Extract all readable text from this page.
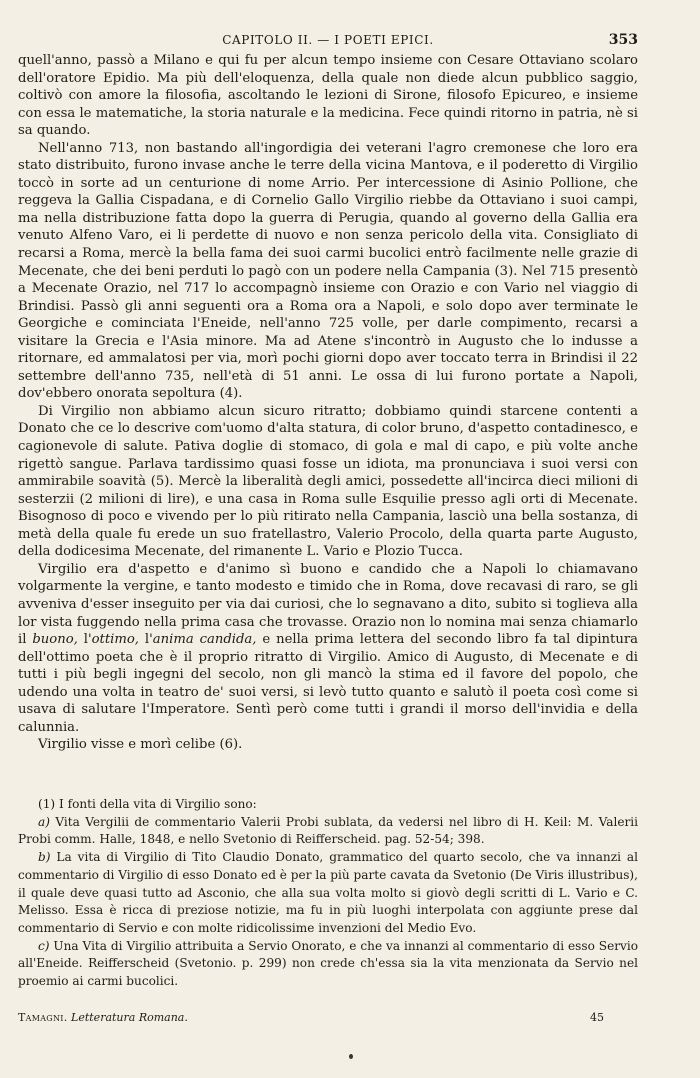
CAPITOLO II. — I POETI EPICI.	353

quell'anno, passò a Milano e qui fu per alcun tempo insieme con Cesare Ottaviano scolaro dell'oratore Epidio. Ma più dell'eloquenza, della quale non diede alcun pubblico saggio, coltivò con amore la filosofia, ascoltando le lezioni di Sirone, filosofo Epicureo, e insieme con essa le matematiche, la storia naturale e la medicina. Fece quindi ritorno in patria, nè si sa quando.

Nell'anno 713, non bastando all'ingordigia dei veterani l'agro cremonese che loro era stato distribuito, furono invase anche le terre della vicina Mantova, e il poderetto di Virgilio toccò in sorte ad un centurione di nome Arrio. Per intercessione di Asinio Pollione, che reggeva la Gallia Cispadana, e di Cornelio Gallo Virgilio riebbe da Ottaviano i suoi campi, ma nella distribuzione fatta dopo la guerra di Perugia, quando al governo della Gallia era venuto Alfeno Varo, ei li perdette di nuovo e non senza pericolo della vita. Consigliato di recarsi a Roma, mercè la bella fama dei suoi carmi bucolici entrò facilmente nelle grazie di Mecenate, che dei beni perduti lo pagò con un podere nella Campania (3). Nel 715 presentò a Mecenate Orazio, nel 717 lo accompagnò insieme con Orazio e con Vario nel viaggio di Brindisi. Passò gli anni seguenti ora a Roma ora a Napoli, e solo dopo aver terminate le Georgiche e cominciata l'Eneide, nell'anno 725 volle, per darle compimento, recarsi a visitare la Grecia e l'Asia minore. Ma ad Atene s'incontrò in Augusto che lo indusse a ritornare, ed ammalatosi per via, morì pochi giorni dopo aver toccato terra in Brindisi il 22 settembre dell'anno 735, nell'età di 51 anni. Le ossa di lui furono portate a Napoli, dov'ebbero onorata sepoltura (4).

Di Virgilio non abbiamo alcun sicuro ritratto; dobbiamo quindi starcene contenti a Donato che ce lo descrive com'uomo d'alta statura, di color bruno, d'aspetto contadinesco, e cagionevole di salute. Pativa doglie di stomaco, di gola e mal di capo, e più volte anche rigettò sangue. Parlava tardissimo quasi fosse un idiota, ma pronunciava i suoi versi con ammirabile soavità (5). Mercè la liberalità degli amici, possedette all'incirca dieci milioni di sesterzii (2 milioni di lire), e una casa in Roma sulle Esquilie presso agli orti di Mecenate. Bisognoso di poco e vivendo per lo più ritirato nella Campania, lasciò una bella sostanza, di metà della quale fu erede un suo fratellastro, Valerio Procolo, della quarta parte Augusto, della dodicesima Mecenate, del rimanente L. Vario e Plozio Tucca.

Virgilio era d'aspetto e d'animo sì buono e candido che a Napoli lo chiamavano volgarmente la vergine, e tanto modesto e timido che in Roma, dove recavasi di raro, se gli avveniva d'esser inseguito per via dai curiosi, che lo segnavano a dito, subito si toglieva alla lor vista fuggendo nella prima casa che trovasse. Orazio non lo nomina mai senza chiamarlo il buono, l'ottimo, l'anima candida, e nella prima lettera del secondo libro fa tal dipintura dell'ottimo poeta che è il proprio ritratto di Virgilio. Amico di Augusto, di Mecenate e di tutti i più begli ingegni del secolo, non gli mancò la stima ed il favore del popolo, che udendo una volta in teatro de' suoi versi, si levò tutto quanto e salutò il poeta così come si usava di salutare l'Imperatore. Sentì però come tutti i grandi il morso dell'invidia e della calunnia.

Virgilio visse e morì celibe (6).

(1) I fonti della vita di Virgilio sono:

a) Vita Vergilii de commentario Valerii Probi sublata, da vedersi nel libro di H. Keil: M. Valerii Probi comm. Halle, 1848, e nello Svetonio di Reifferscheid. pag. 52-54; 398.

b) La vita di Virgilio di Tito Claudio Donato, grammatico del quarto secolo, che va innanzi al commentario di Virgilio di esso Donato ed è per la più parte cavata da Svetonio (De Viris illustribus), il quale deve quasi tutto ad Asconio, che alla sua volta molto si giovò degli scritti di L. Vario e C. Melisso. Essa è ricca di preziose notizie, ma fu in più luoghi interpolata con aggiunte prese dal commentario di Servio e con molte ridicolissime invenzioni del Medio Evo.

c) Una Vita di Virgilio attribuita a Servio Onorato, e che va innanzi al commentario di esso Servio all'Eneide. Reifferscheid (Svetonio. p. 299) non crede ch'essa sia la vita menzionata da Servio nel proemio ai carmi bucolici.

Tamagni. Letteratura Romana.	45
